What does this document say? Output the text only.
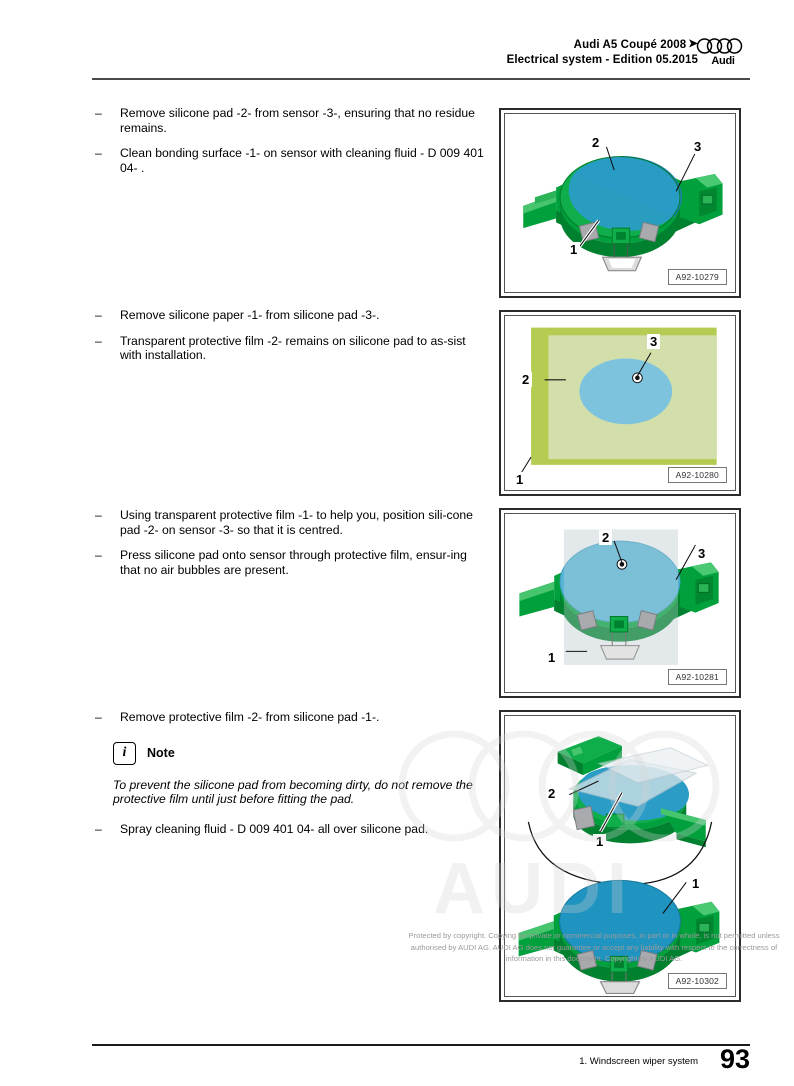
Audi A5 Coupé 2008 ➤
Electrical system - Edition 05.2015	Audi
– Remove silicone pad -2- from sensor -3-, ensuring that no residue remains.
– Clean bonding surface -1- on sensor with cleaning fluid - D 009 401 04- .
– Remove silicone paper -1- from silicone pad -3-.
– Transparent protective film -2- remains on silicone pad to as-sist with installation.
– Using transparent protective film -1- to help you, position sili-cone pad -2- on sensor -3- so that it is centred.
– Press silicone pad onto sensor through protective film, ensur-ing that no air bubbles are present.
– Remove protective film -2- from silicone pad -1-.
i Note
To prevent the silicone pad from becoming dirty, do not remove the protective film until just before fitting the pad.
– Spray cleaning fluid - D 009 401 04- all over silicone pad.
2	3
1
A92-10279
3
2
1	A92-10280
2
3
1
A92-10281
2
1
1
A92-10302
AUDI
Protected by copyright. Copying for private or commercial purposes, in part or in whole, is not permitted unless authorised by AUDI AG. AUDI AG does not guarantee or accept any liability with respect to the correctness of information in this document. Copyright by AUDI AG.
1. Windscreen wiper system 93
